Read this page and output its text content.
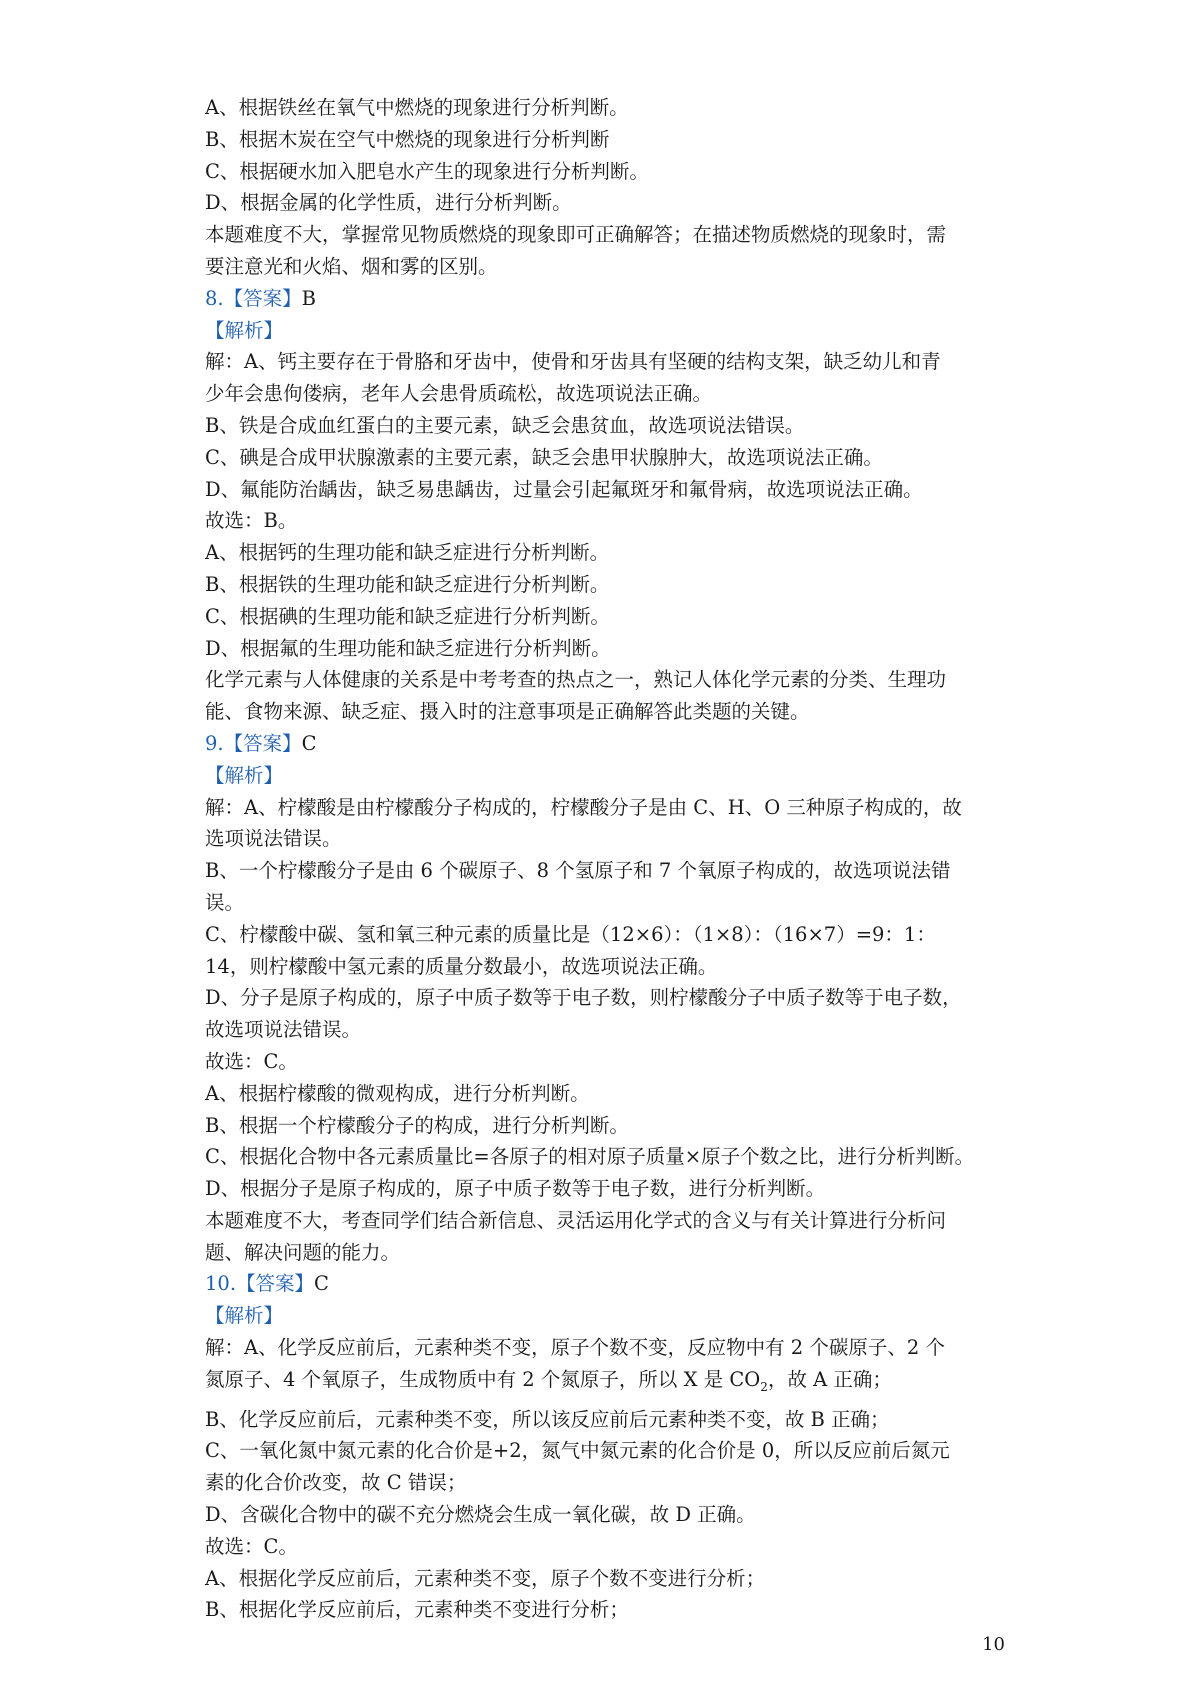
A、根据铁丝在氧气中燃烧的现象进行分析判断。
B、根据木炭在空气中燃烧的现象进行分析判断
C、根据硬水加入肥皂水产生的现象进行分析判断。
D、根据金属的化学性质，进行分析判断。
本题难度不大，掌握常见物质燃烧的现象即可正确解答；在描述物质燃烧的现象时，需
要注意光和火焰、烟和雾的区别。
8.【答案】B
【解析】
解：A、钙主要存在于骨胳和牙齿中，使骨和牙齿具有坚硬的结构支架，缺乏幼儿和青
少年会患佝偻病，老年人会患骨质疏松，故选项说法正确。
B、铁是合成血红蛋白的主要元素，缺乏会患贫血，故选项说法错误。
C、碘是合成甲状腺激素的主要元素，缺乏会患甲状腺肿大，故选项说法正确。
D、氟能防治龋齿，缺乏易患龋齿，过量会引起氟斑牙和氟骨病，故选项说法正确。
故选：B。
A、根据钙的生理功能和缺乏症进行分析判断。
B、根据铁的生理功能和缺乏症进行分析判断。
C、根据碘的生理功能和缺乏症进行分析判断。
D、根据氟的生理功能和缺乏症进行分析判断。
化学元素与人体健康的关系是中考考查的热点之一，熟记人体化学元素的分类、生理功
能、食物来源、缺乏症、摄入时的注意事项是正确解答此类题的关键。
9.【答案】C
【解析】
解：A、柠檬酸是由柠檬酸分子构成的，柠檬酸分子是由 C、H、O 三种原子构成的，故
选项说法错误。
B、一个柠檬酸分子是由 6 个碳原子、8 个氢原子和 7 个氧原子构成的，故选项说法错
误。
C、柠檬酸中碳、氢和氧三种元素的质量比是（12×6）：（1×8）：（16×7）=9：1：
14，则柠檬酸中氢元素的质量分数最小，故选项说法正确。
D、分子是原子构成的，原子中质子数等于电子数，则柠檬酸分子中质子数等于电子数，
故选项说法错误。
故选：C。
A、根据柠檬酸的微观构成，进行分析判断。
B、根据一个柠檬酸分子的构成，进行分析判断。
C、根据化合物中各元素质量比=各原子的相对原子质量×原子个数之比，进行分析判断。
D、根据分子是原子构成的，原子中质子数等于电子数，进行分析判断。
本题难度不大，考查同学们结合新信息、灵活运用化学式的含义与有关计算进行分析问
题、解决问题的能力。
10.【答案】C
【解析】
解：A、化学反应前后，元素种类不变，原子个数不变，反应物中有 2 个碳原子、2 个
氮原子、4 个氧原子，生成物质中有 2 个氮原子，所以 X 是 $CO_2$，故 A 正确；
B、化学反应前后，元素种类不变，所以该反应前后元素种类不变，故 B 正确；
C、一氧化氮中氮元素的化合价是+2，氮气中氮元素的化合价是 0，所以反应前后氮元
素的化合价改变，故 C 错误；
D、含碳化合物中的碳不充分燃烧会生成一氧化碳，故 D 正确。
故选：C。
A、根据化学反应前后，元素种类不变，原子个数不变进行分析；
B、根据化学反应前后，元素种类不变进行分析；
10
